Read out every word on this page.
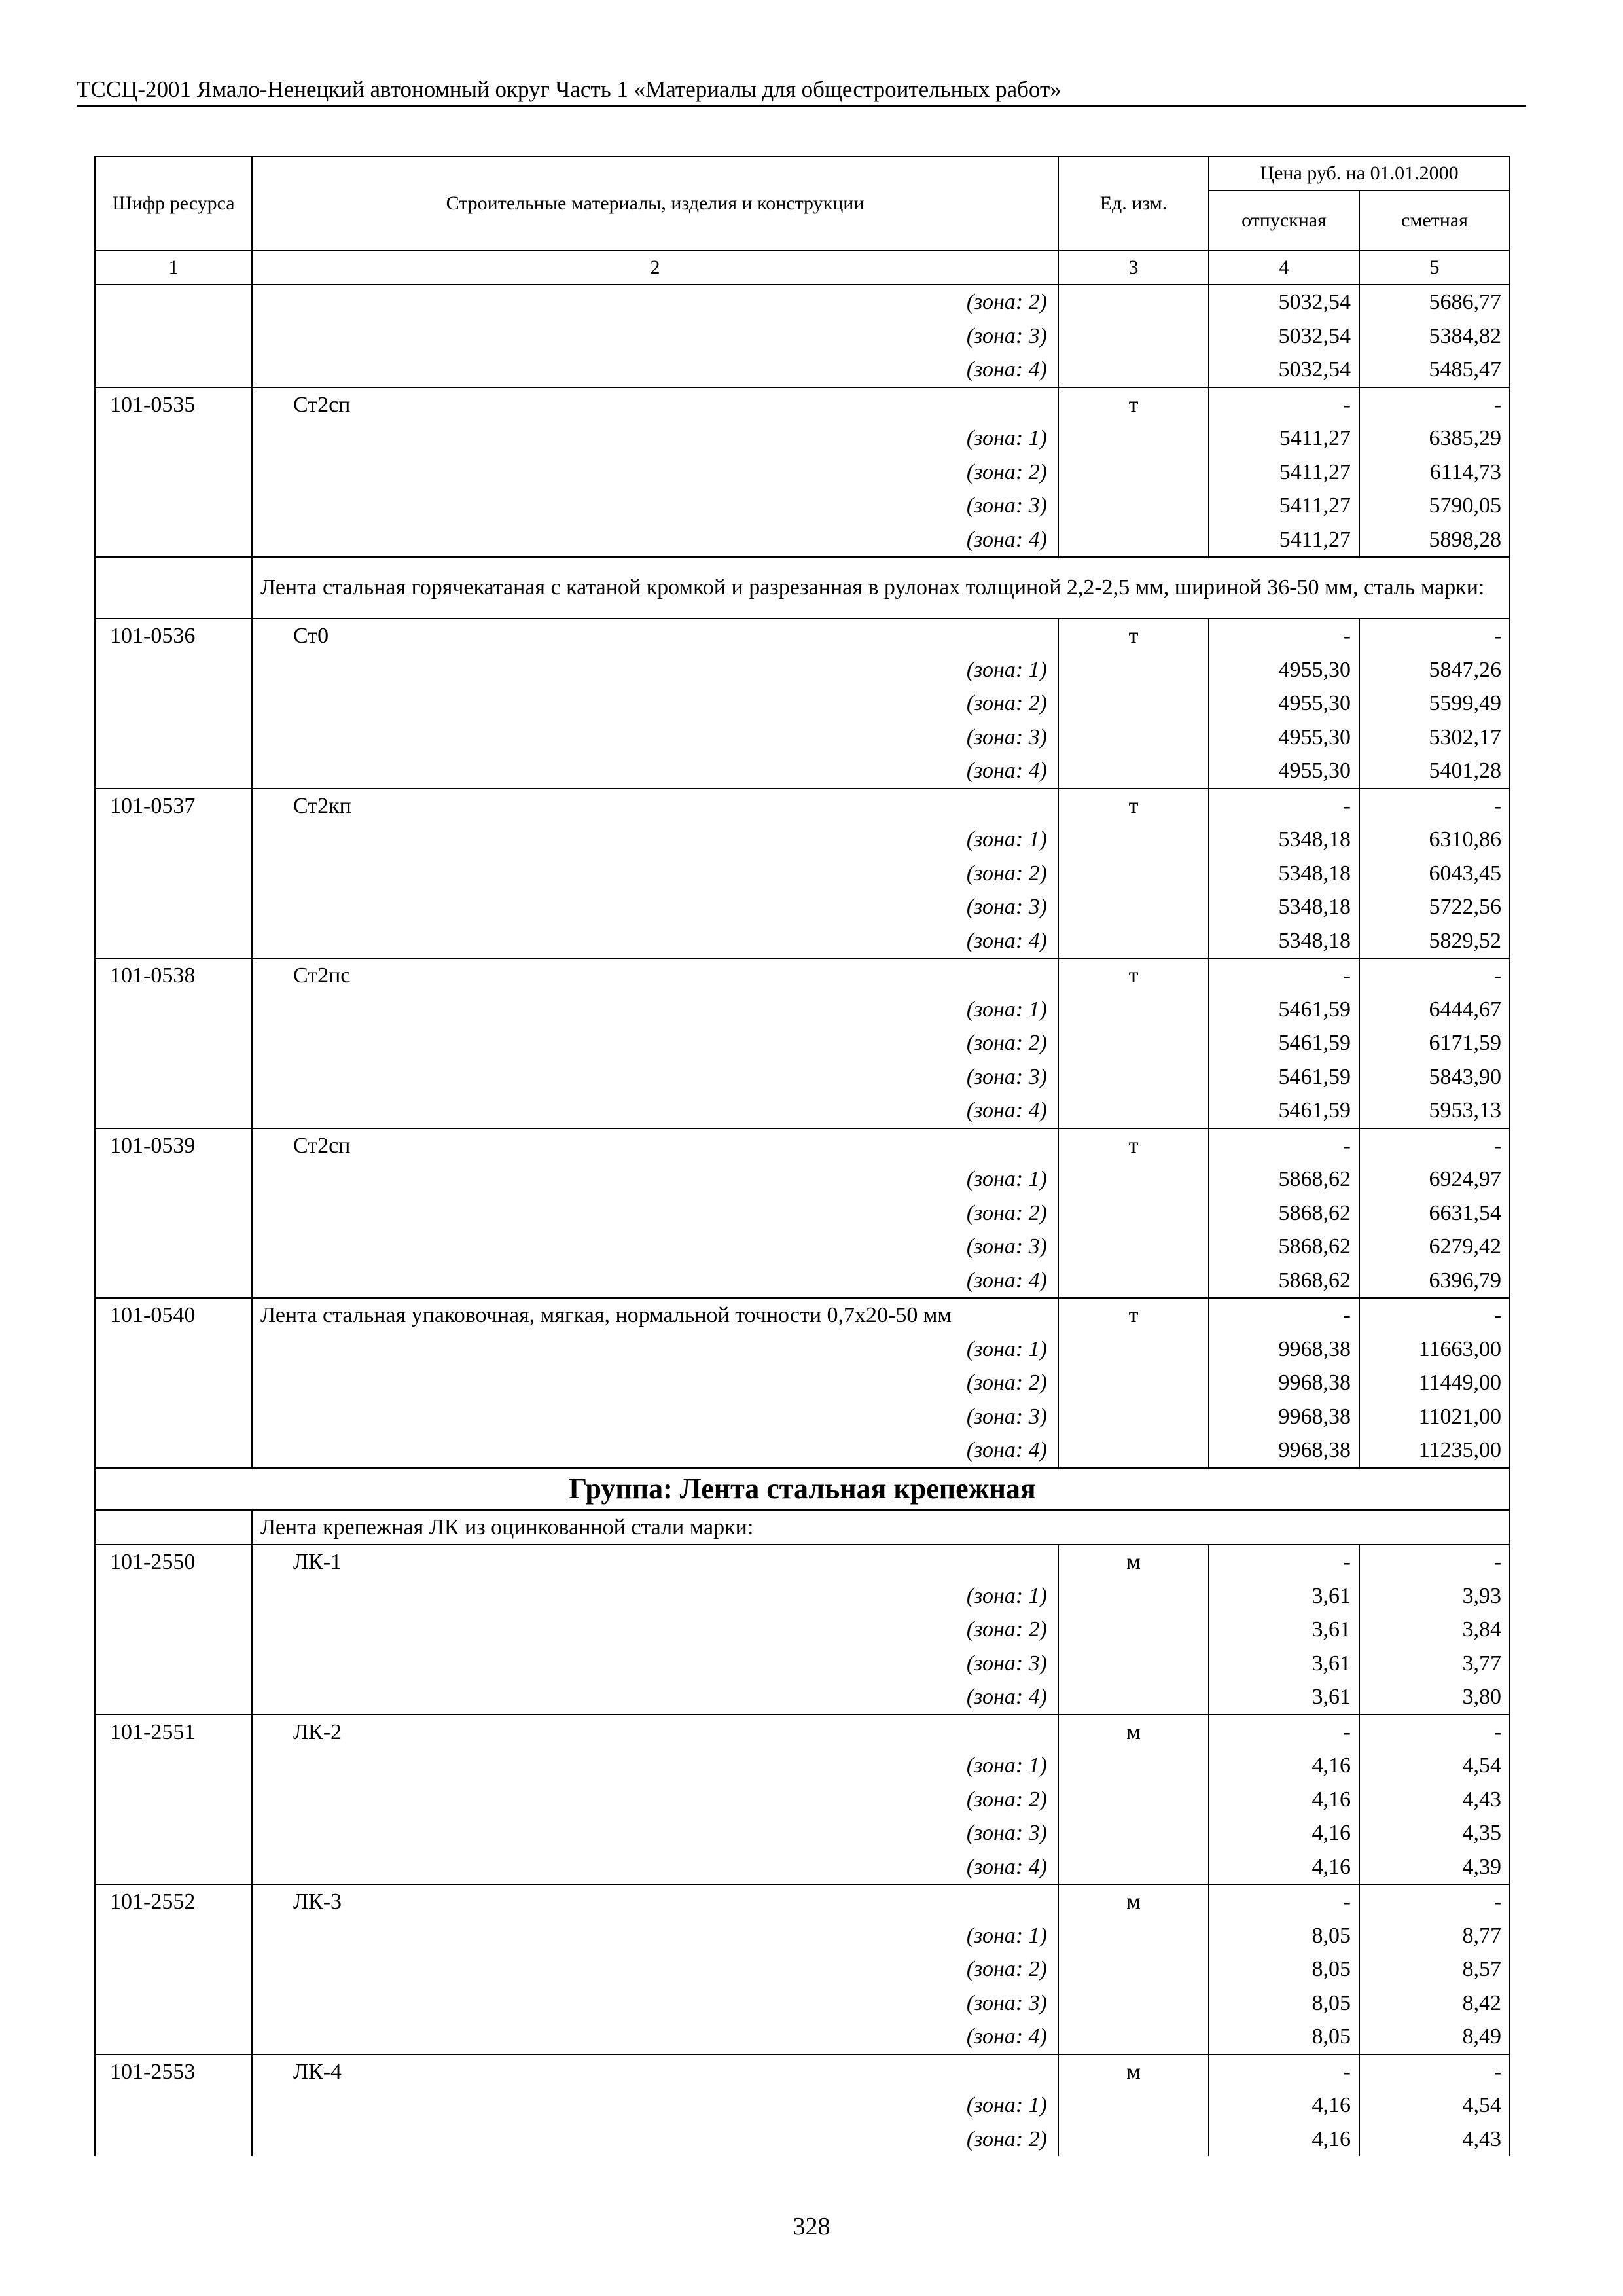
ТССЦ-2001 Ямало-Ненецкий автономный округ Часть 1 «Материалы для общестроительных работ»
Шифр ресурса	Строительные материалы, изделия и конструкции	Ед. изм.	Цена руб. на 01.01.2000	
			отпускная	сметная
1	2	3	4	5
	(зона: 2)		5032,54	5686,77
	(зона: 3)		5032,54	5384,82
	(зона: 4)		5032,54	5485,47
101-0535	Ст2сп	т	-	-
	(зона: 1)		5411,27	6385,29
	(зона: 2)		5411,27	6114,73
	(зона: 3)		5411,27	5790,05
	(зона: 4)		5411,27	5898,28
	Лента стальная горячекатаная с катаной кромкой и разрезанная в рулонах толщиной 2,2-2,5 мм, шириной 36-50 мм, сталь марки:			
101-0536	Ст0	т	-	-
	(зона: 1)		4955,30	5847,26
	(зона: 2)		4955,30	5599,49
	(зона: 3)		4955,30	5302,17
	(зона: 4)		4955,30	5401,28
101-0537	Ст2кп	т	-	-
	(зона: 1)		5348,18	6310,86
	(зона: 2)		5348,18	6043,45
	(зона: 3)		5348,18	5722,56
	(зона: 4)		5348,18	5829,52
101-0538	Ст2пс	т	-	-
	(зона: 1)		5461,59	6444,67
	(зона: 2)		5461,59	6171,59
	(зона: 3)		5461,59	5843,90
	(зона: 4)		5461,59	5953,13
101-0539	Ст2сп	т	-	-
	(зона: 1)		5868,62	6924,97
	(зона: 2)		5868,62	6631,54
	(зона: 3)		5868,62	6279,42
	(зона: 4)		5868,62	6396,79
101-0540	Лента стальная упаковочная, мягкая, нормальной точности 0,7х20-50 мм	т	-	-
	(зона: 1)		9968,38	11663,00
	(зона: 2)		9968,38	11449,00
	(зона: 3)		9968,38	11021,00
	(зона: 4)		9968,38	11235,00
Группа: Лента стальная крепежная				
	Лента крепежная ЛК из оцинкованной стали марки:			
101-2550	ЛК-1	м	-	-
	(зона: 1)		3,61	3,93
	(зона: 2)		3,61	3,84
	(зона: 3)		3,61	3,77
	(зона: 4)		3,61	3,80
101-2551	ЛК-2	м	-	-
	(зона: 1)		4,16	4,54
	(зона: 2)		4,16	4,43
	(зона: 3)		4,16	4,35
	(зона: 4)		4,16	4,39
101-2552	ЛК-3	м	-	-
	(зона: 1)		8,05	8,77
	(зона: 2)		8,05	8,57
	(зона: 3)		8,05	8,42
	(зона: 4)		8,05	8,49
101-2553	ЛК-4	м	-	-
	(зона: 1)		4,16	4,54
	(зона: 2)		4,16	4,43
328
